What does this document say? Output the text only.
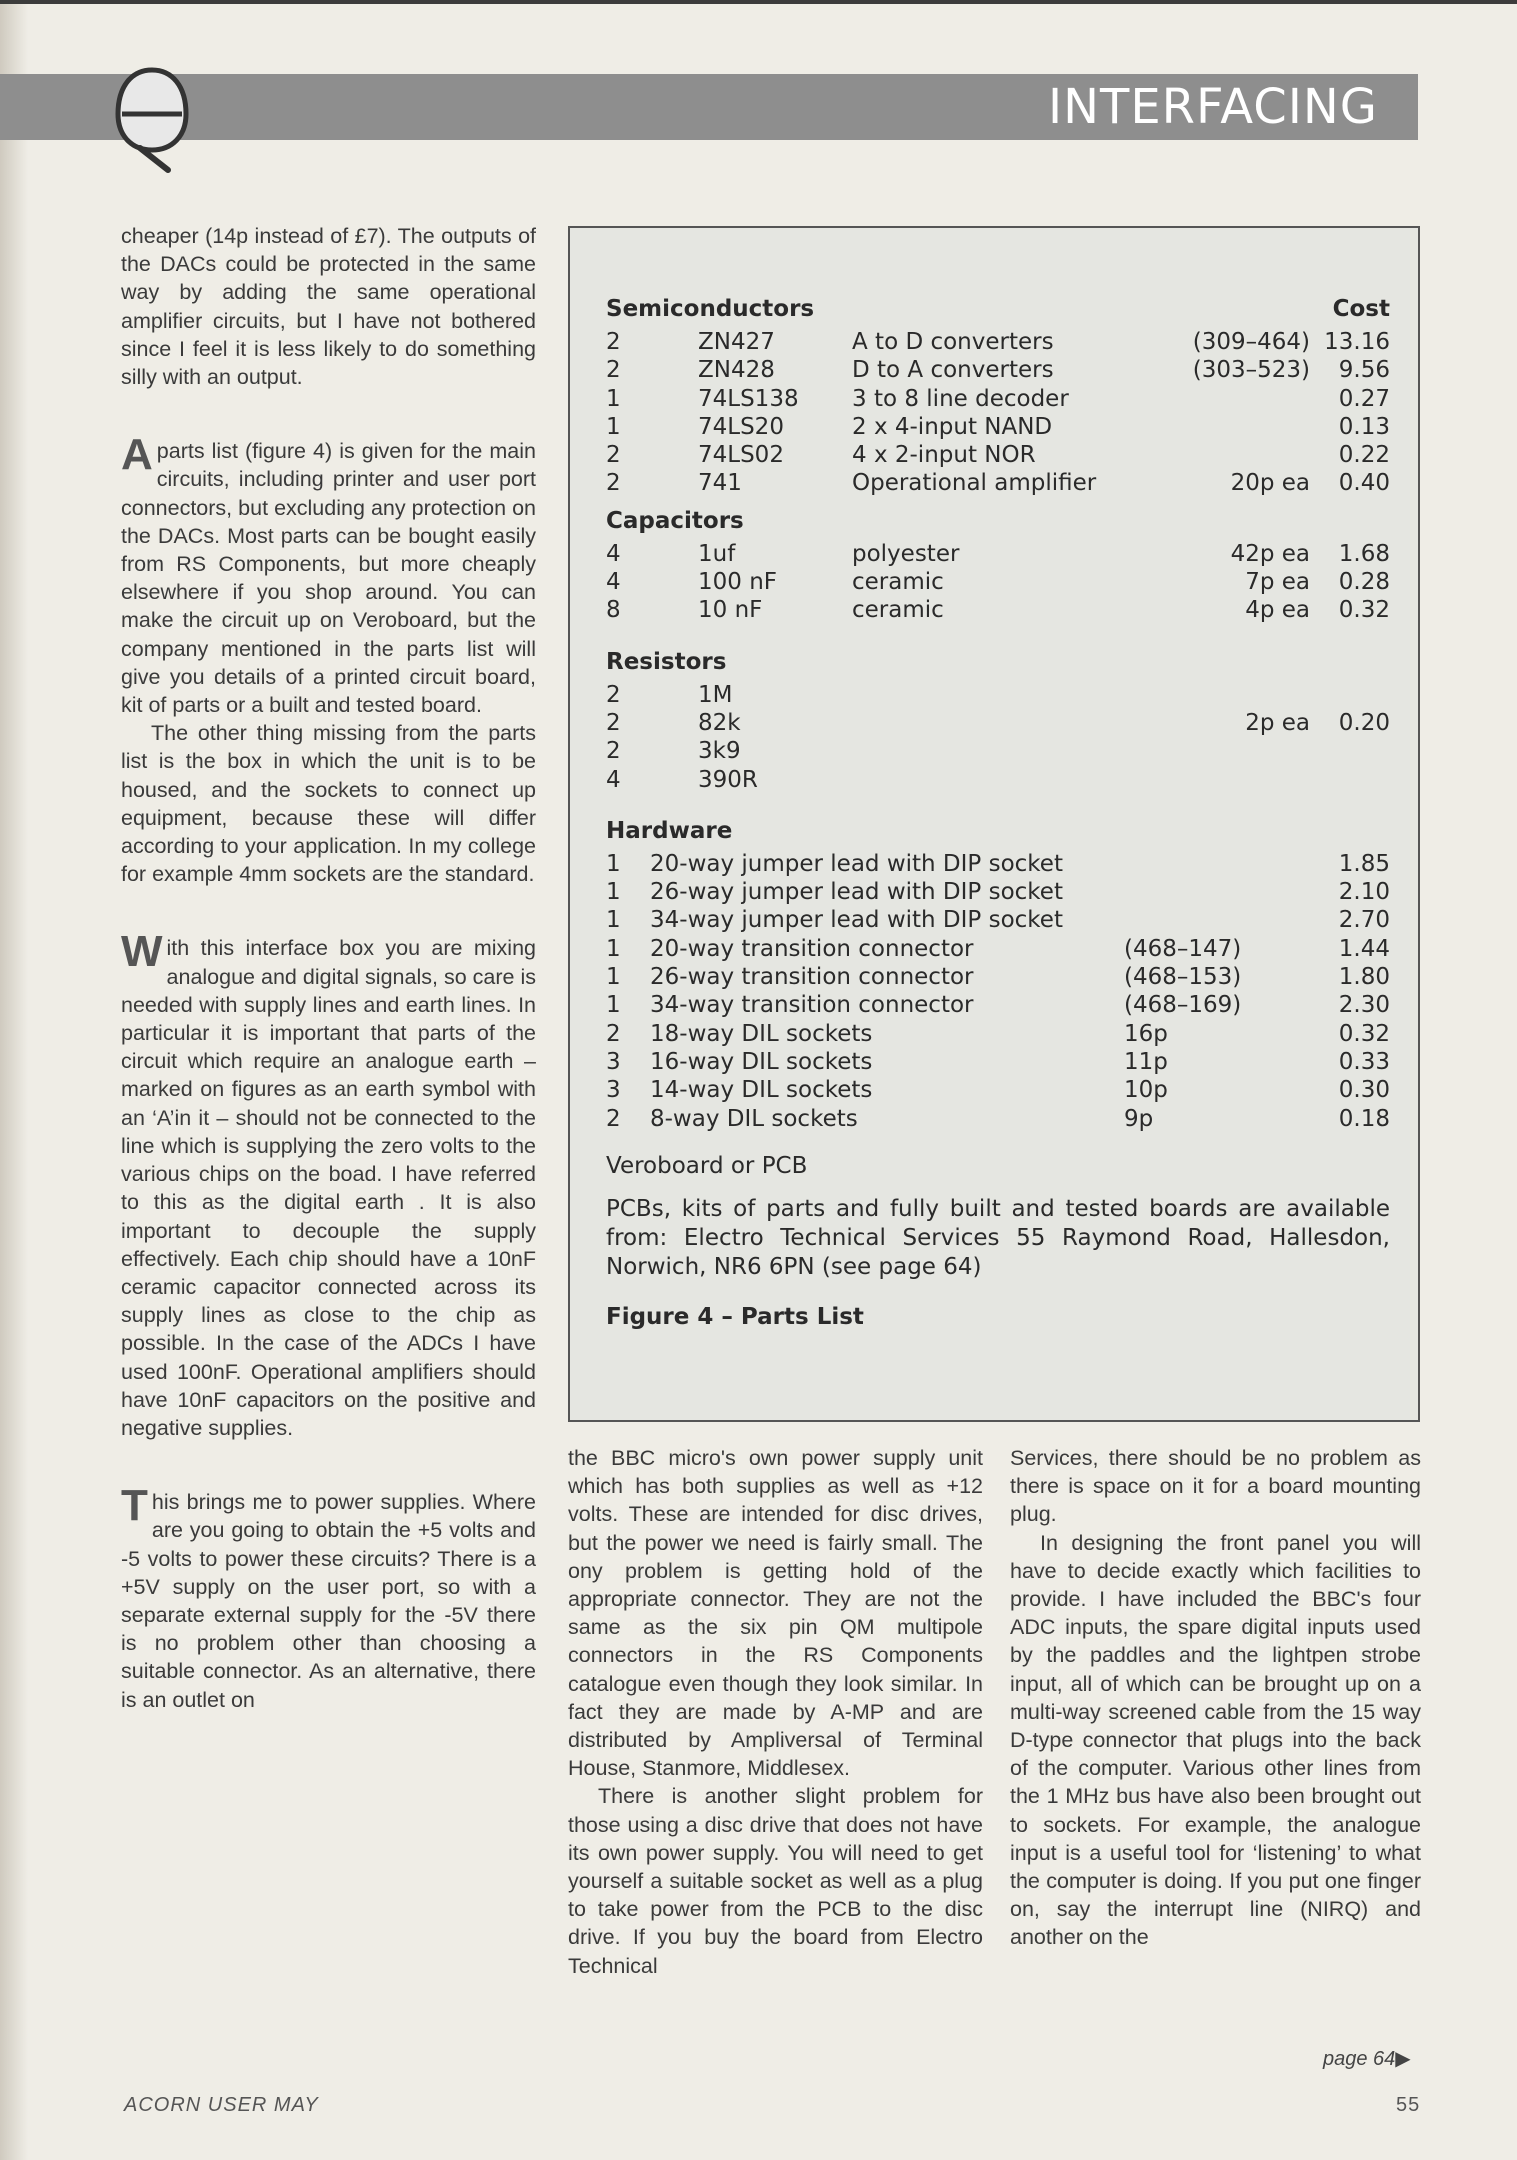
INTERFACING

cheaper (14p instead of £7). The outputs of the DACs could be protected in the same way by adding the same operational amplifier circuits, but I have not bothered since I feel it is less likely to do something silly with an output.

A parts list (figure 4) is given for the main circuits, including printer and user port connectors, but excluding any protection on the DACs. Most parts can be bought easily from RS Components, but more cheaply elsewhere if you shop around. You can make the circuit up on Veroboard, but the company mentioned in the parts list will give you details of a printed circuit board, kit of parts or a built and tested board.

The other thing missing from the parts list is the box in which the unit is to be housed, and the sockets to connect up equipment, because these will differ according to your application. In my college for example 4mm sockets are the standard.

With this interface box you are mixing analogue and digital signals, so care is needed with supply lines and earth lines. In particular it is important that parts of the circuit which require an analogue earth – marked on figures as an earth symbol with an ‘A’in it – should not be connected to the line which is supplying the zero volts to the various chips on the boad. I have referred to this as the digital earth . It is also important to decouple the supply effectively. Each chip should have a 10nF ceramic capacitor connected across its supply lines as close to the chip as possible. In the case of the ADCs I have used 100nF. Operational amplifiers should have 10nF capacitors on the positive and negative supplies.

This brings me to power supplies. Where are you going to obtain the +5 volts and -5 volts to power these circuits? There is a +5V supply on the user port, so with a separate external supply for the -5V there is no problem other than choosing a suitable connector. As an alternative, there is an outlet on

Semiconductors	Cost
2	ZN427	A to D converters	(309–464) 13.16
2	ZN428	D to A converters	(303–523) 9.56
1	74LS138 3 to 8 line decoder	0.27
1	74LS20	2 x 4-input NAND	0.13
2	74LS02	4 x 2-input NOR	0.22
2	741	Operational amplifier	20p ea 0.40
Capacitors
4	1uf	polyester	42p ea 1.68
4	100 nF	ceramic	7p ea 0.28
8	10 nF	ceramic	4p ea 0.32
Resistors
2	1M
2	82k	2p ea 0.20
2	3k9
4	390R
Hardware
1 20-way jumper lead with DIP socket	1.85
1 26-way jumper lead with DIP socket	2.10
1 34-way jumper lead with DIP socket	2.70
1 20-way transition connector	(468–147)	1.44
1 26-way transition connector	(468–153)	1.80
1 34-way transition connector	(468–169)	2.30
2 18-way DIL sockets	16p	0.32
3 16-way DIL sockets	11p	0.33
3 14-way DIL sockets	10p	0.30
2 8-way DIL sockets	9p	0.18
Veroboard or PCB
PCBs, kits of parts and fully built and tested boards are available from: Electro Technical Services 55 Raymond Road, Hallesdon, Norwich, NR6 6PN (see page 64)
Figure 4 – Parts List

the BBC micro's own power supply unit which has both supplies as well as +12 volts. These are intended for disc drives, but the power we need is fairly small. The ony problem is getting hold of the appropriate connector. They are not the same as the six pin QM multipole connectors in the RS Components catalogue even though they look similar. In fact they are made by A-MP and are distributed by Ampliversal of Terminal House, Stanmore, Middlesex.

There is another slight problem for those using a disc drive that does not have its own power supply. You will need to get yourself a suitable socket as well as a plug to take power from the PCB to the disc drive. If you buy the board from Electro Technical

Services, there should be no problem as there is space on it for a board mounting plug.

In designing the front panel you will have to decide exactly which facilities to provide. I have included the BBC's four ADC inputs, the spare digital inputs used by the paddles and the lightpen strobe input, all of which can be brought up on a multi-way screened cable from the 15 way D-type connector that plugs into the back of the computer. Various other lines from the 1 MHz bus have also been brought out to sockets. For example, the analogue input is a useful tool for ‘listening’ to what the computer is doing. If you put one finger on, say the interrupt line (NIRQ) and another on the

page 64▶
ACORN USER MAY	55
